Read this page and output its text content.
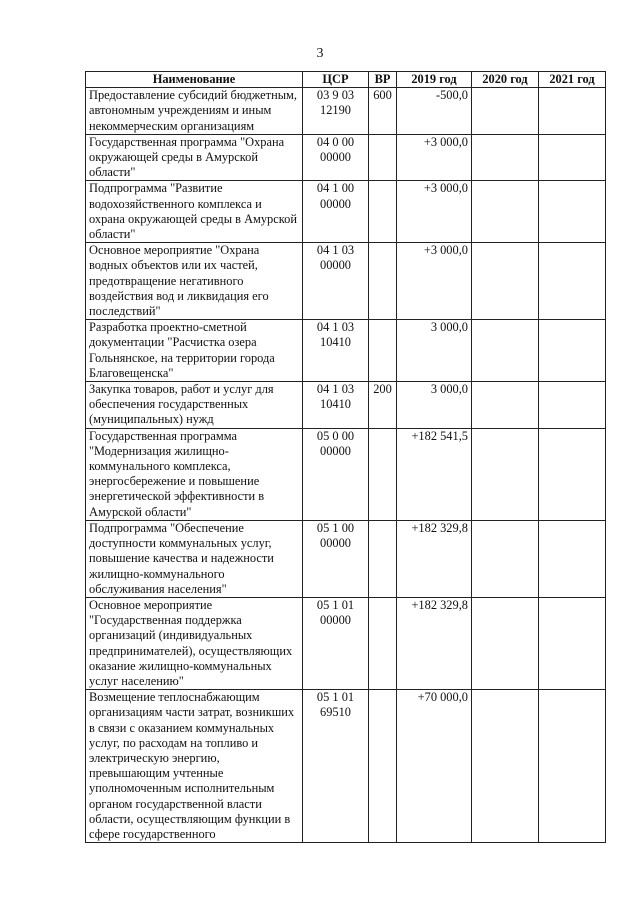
3
Наименование	ЦСР	ВР	2019 год	2020 год	2021 год
Предоставление субсидий бюджетным, автономным учреждениям и иным некоммерческим организациям	03 9 03 12190	600	-500,0		
Государственная программа "Охрана окружающей среды в Амурской области"	04 0 00 00000		+3 000,0		
Подпрограмма "Развитие водохозяйственного комплекса и охрана окружающей среды в Амурской области"	04 1 00 00000		+3 000,0		
Основное мероприятие "Охрана водных объектов или их частей, предотвращение негативного воздействия вод и ликвидация его последствий"	04 1 03 00000		+3 000,0		
Разработка проектно-сметной документации "Расчистка озера Гольнянское, на территории города Благовещенска"	04 1 03 10410		3 000,0		
Закупка товаров, работ и услуг для обеспечения государственных (муниципальных) нужд	04 1 03 10410	200	3 000,0		
Государственная программа "Модернизация жилищно-коммунального комплекса, энергосбережение и повышение энергетической эффективности в Амурской области"	05 0 00 00000		+182 541,5		
Подпрограмма "Обеспечение доступности коммунальных услуг, повышение качества и надежности жилищно-коммунального обслуживания населения"	05 1 00 00000		+182 329,8		
Основное мероприятие "Государственная поддержка организаций (индивидуальных предпринимателей), осуществляющих оказание жилищно-коммунальных услуг населению"	05 1 01 00000		+182 329,8		
Возмещение теплоснабжающим организациям части затрат, возникших в связи с оказанием коммунальных услуг, по расходам на топливо и электрическую энергию, превышающим учтенные уполномоченным исполнительным органом государственной власти области, осуществляющим функции в сфере государственного	05 1 01 69510		+70 000,0		
